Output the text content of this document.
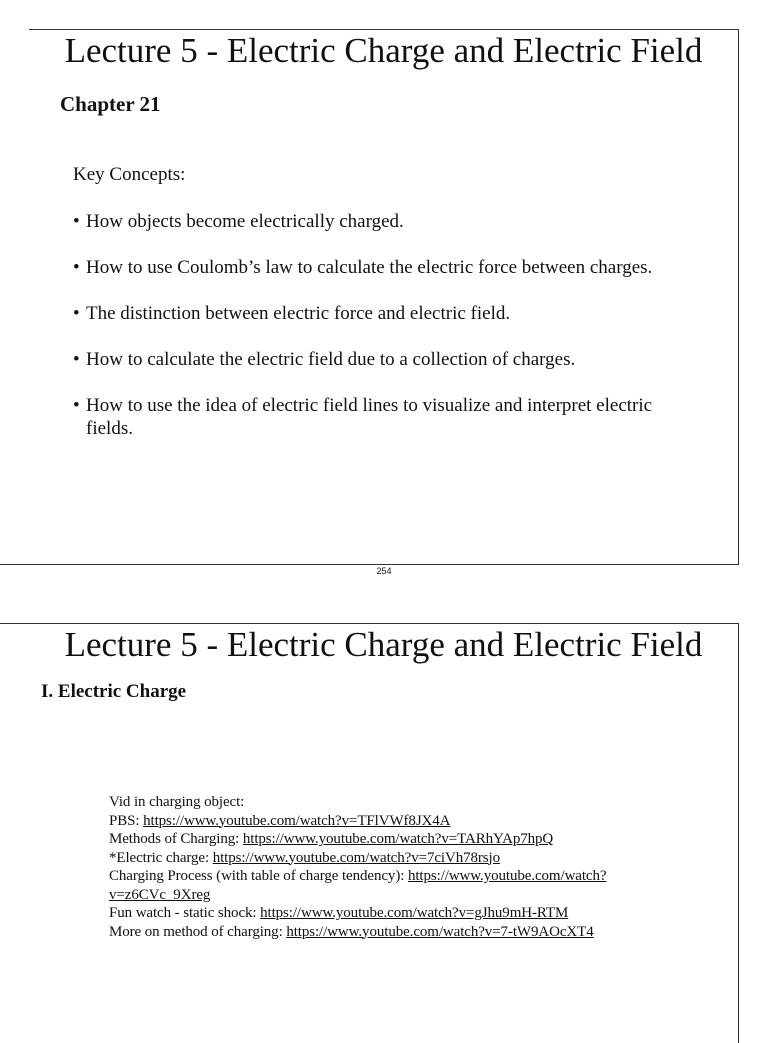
Lecture 5 - Electric Charge and Electric Field
Chapter 21
Key Concepts:
• How objects become electrically charged.
• How to use Coulomb’s law to calculate the electric force between charges.
• The distinction between electric force and electric field.
• How to calculate the electric field due to a collection of charges.
• How to use the idea of electric field lines to visualize and interpret electric fields.
254
Lecture 5 - Electric Charge and Electric Field
I. Electric Charge
Vid in charging object:
PBS: https://www.youtube.com/watch?v=TFlVWf8JX4A
Methods of Charging: https://www.youtube.com/watch?v=TARhYAp7hpQ
*Electric charge: https://www.youtube.com/watch?v=7ciVh78rsjo
Charging Process (with table of charge tendency): https://www.youtube.com/watch?v=z6CVc_9Xreg
Fun watch - static shock: https://www.youtube.com/watch?v=gJhu9mH-RTM
More on method of charging: https://www.youtube.com/watch?v=7-tW9AOcXT4
